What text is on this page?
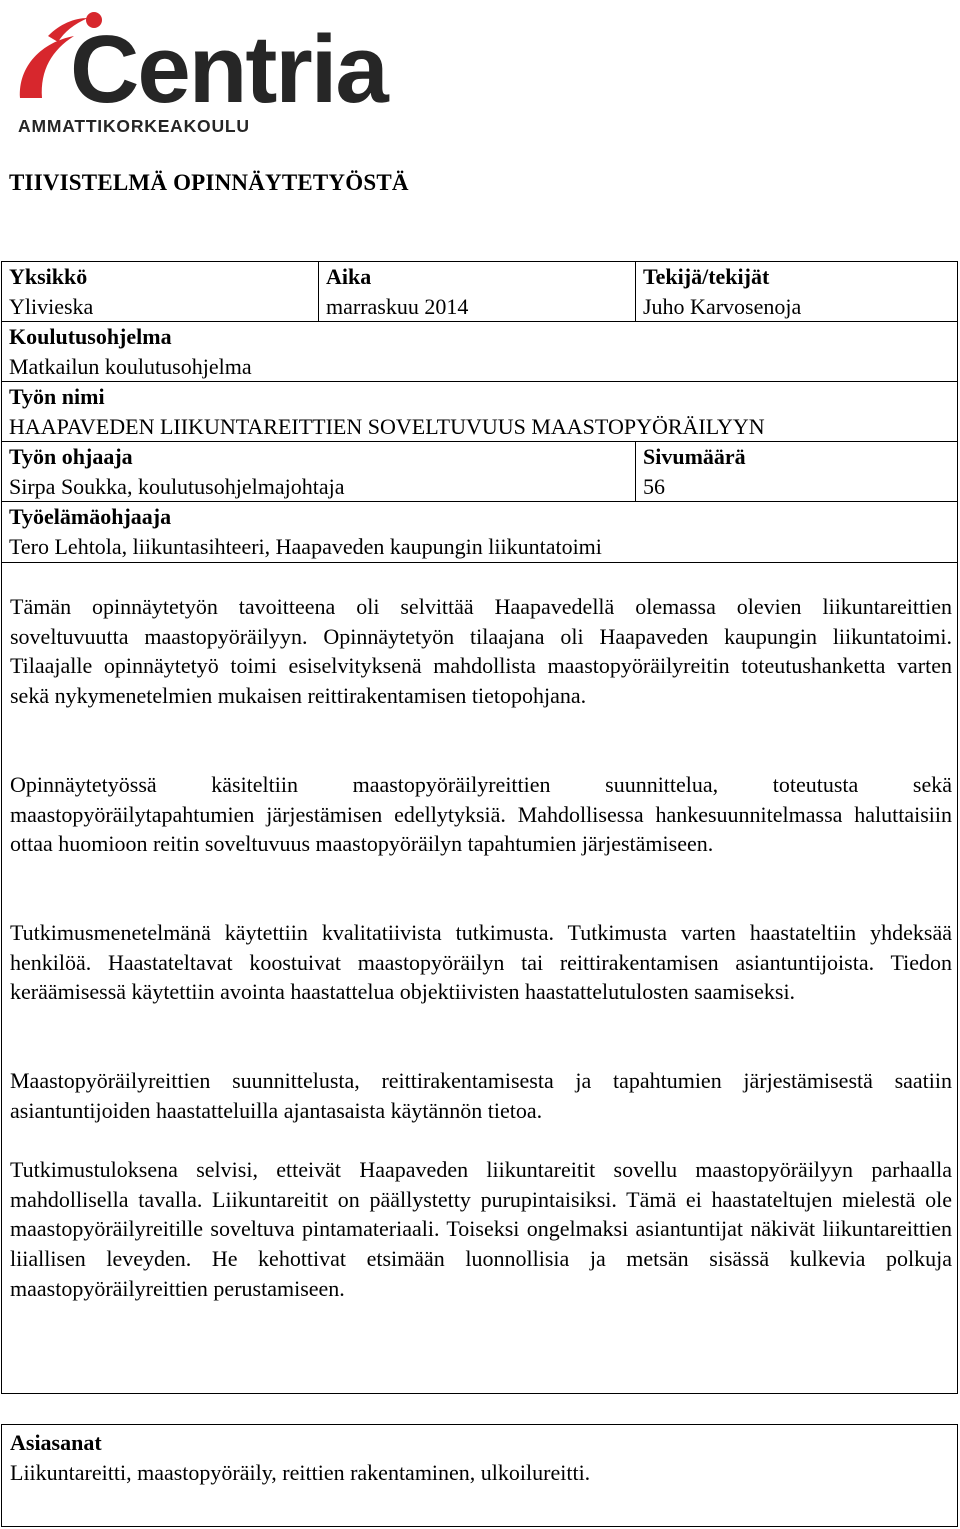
Centria
AMMATTIKORKEAKOULU
TIIVISTELMÄ OPINNÄYTETYÖSTÄ
Yksikkö
Ylivieska
Aika
marraskuu 2014
Tekijä/tekijät
Juho Karvosenoja
Koulutusohjelma
Matkailun koulutusohjelma
Työn nimi
HAAPAVEDEN LIIKUNTAREITTIEN SOVELTUVUUS MAASTOPYÖRÄILYYN
Työn ohjaaja
Sirpa Soukka, koulutusohjelmajohtaja
Sivumäärä
56
Työelämäohjaaja
Tero Lehtola, liikuntasihteeri, Haapaveden kaupungin liikuntatoimi

Tämän opinnäytetyön tavoitteena oli selvittää Haapavedellä olemassa olevien liikuntareittien soveltuvuutta maastopyöräilyyn. Opinnäytetyön tilaajana oli Haapaveden kaupungin liikuntatoimi. Tilaajalle opinnäytetyö toimi esiselvityksenä mahdollista maastopyöräilyreitin toteutushanketta varten sekä nykymenetelmien mukaisen reittirakentamisen tietopohjana.

Opinnäytetyössä käsiteltiin maastopyöräilyreittien suunnittelua, toteutusta sekä maastopyöräilytapahtumien järjestämisen edellytyksiä. Mahdollisessa hankesuunnitelmassa haluttaisiin ottaa huomioon reitin soveltuvuus maastopyöräilyn tapahtumien järjestämiseen.

Tutkimusmenetelmänä käytettiin kvalitatiivista tutkimusta. Tutkimusta varten haastateltiin yhdeksää henkilöä. Haastateltavat koostuivat maastopyöräilyn tai reittirakentamisen asiantuntijoista. Tiedon keräämisessä käytettiin avointa haastattelua objektiivisten haastattelutulosten saamiseksi.

Maastopyöräilyreittien suunnittelusta, reittirakentamisesta ja tapahtumien järjestämisestä saatiin asiantuntijoiden haastatteluilla ajantasaista käytännön tietoa.

Tutkimustuloksena selvisi, etteivät Haapaveden liikuntareitit sovellu maastopyöräilyyn parhaalla mahdollisella tavalla. Liikuntareitit on päällystetty purupintaisiksi. Tämä ei haastateltujen mielestä ole maastopyöräilyreitille soveltuva pintamateriaali. Toiseksi ongelmaksi asiantuntijat näkivät liikuntareittien liiallisen leveyden. He kehottivat etsimään luonnollisia ja metsän sisässä kulkevia polkuja maastopyöräilyreittien perustamiseen.

Asiasanat
Liikuntareitti, maastopyöräily, reittien rakentaminen, ulkoilureitti.
